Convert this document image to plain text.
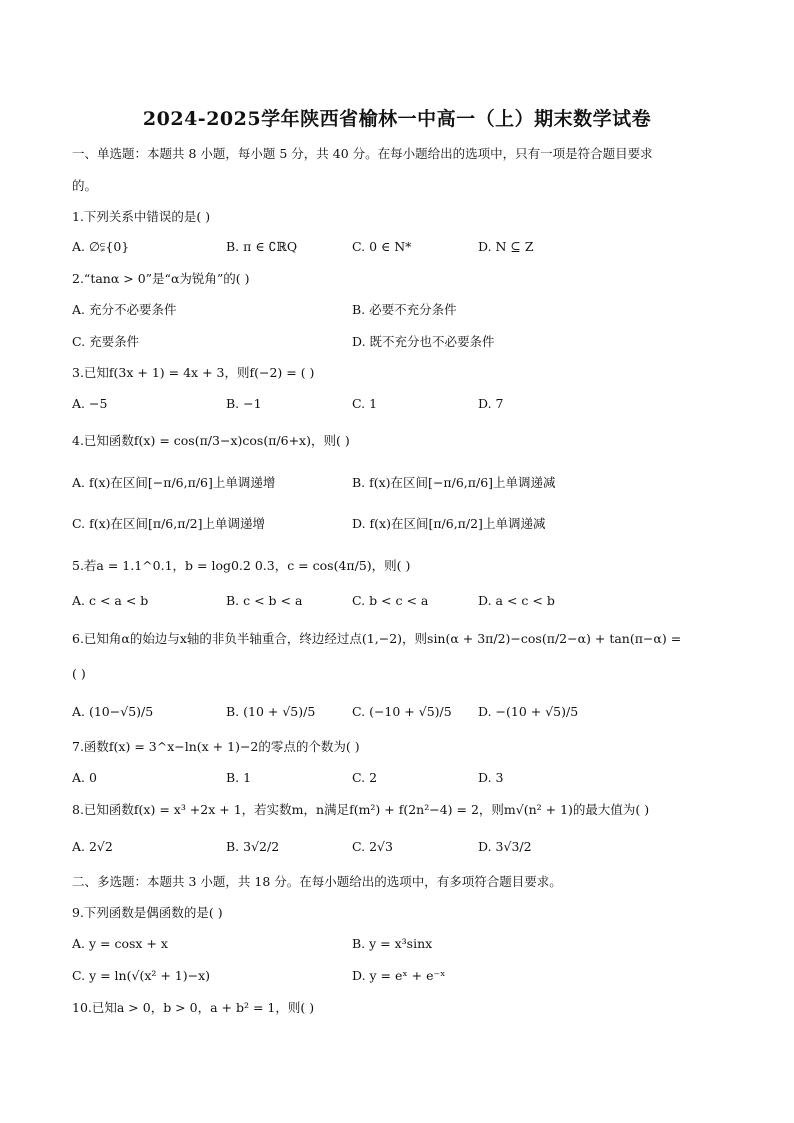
2024-2025学年陕西省榆林一中高一（上）期末数学试卷
一、单选题：本题共 8 小题，每小题 5 分，共 40 分。在每小题给出的选项中，只有一项是符合题目要求
的。
1.下列关系中错误的是( )
A. ∅⫋{0}	B. π ∈ ∁ℝQ	C. 0 ∈ N*	D. N ⊆ Z
2.“tanα > 0”是“α为锐角”的( )
A. 充分不必要条件	B. 必要不充分条件
C. 充要条件	D. 既不充分也不必要条件
3.已知f(3x + 1) = 4x + 3，则f(−2) = ( )
A. −5	B. −1	C. 1	D. 7
4.已知函数f(x) = cos(π/3−x)cos(π/6+x)，则( )
A. f(x)在区间[−π/6,π/6]上单调递增	B. f(x)在区间[−π/6,π/6]上单调递减
C. f(x)在区间[π/6,π/2]上单调递增	D. f(x)在区间[π/6,π/2]上单调递减
5.若a = 1.1^0.1，b = log0.2 0.3，c = cos(4π/5)，则( )
A. c < a < b	B. c < b < a	C. b < c < a	D. a < c < b
6.已知角α的始边与x轴的非负半轴重合，终边经过点(1,−2)，则sin(α + 3π/2)−cos(π/2−α) + tan(π−α) =
( )
A. (10−√5)/5	B. (10 + √5)/5	C. (−10 + √5)/5 D. −(10 + √5)/5
7.函数f(x) = 3^x−ln(x + 1)−2的零点的个数为( )
A. 0	B. 1	C. 2	D. 3
8.已知函数f(x) = x³ +2x + 1，若实数m，n满足f(m²) + f(2n²−4) = 2，则m√(n² + 1)的最大值为( )
A. 2√2	B. 3√2/2	C. 2√3	D. 3√3/2
二、多选题：本题共 3 小题，共 18 分。在每小题给出的选项中，有多项符合题目要求。
9.下列函数是偶函数的是( )
A. y = cosx + x	B. y = x³sinx
C. y = ln(√(x² + 1)−x)	D. y = eˣ + e⁻ˣ
10.已知a > 0，b > 0，a + b² = 1，则( )
